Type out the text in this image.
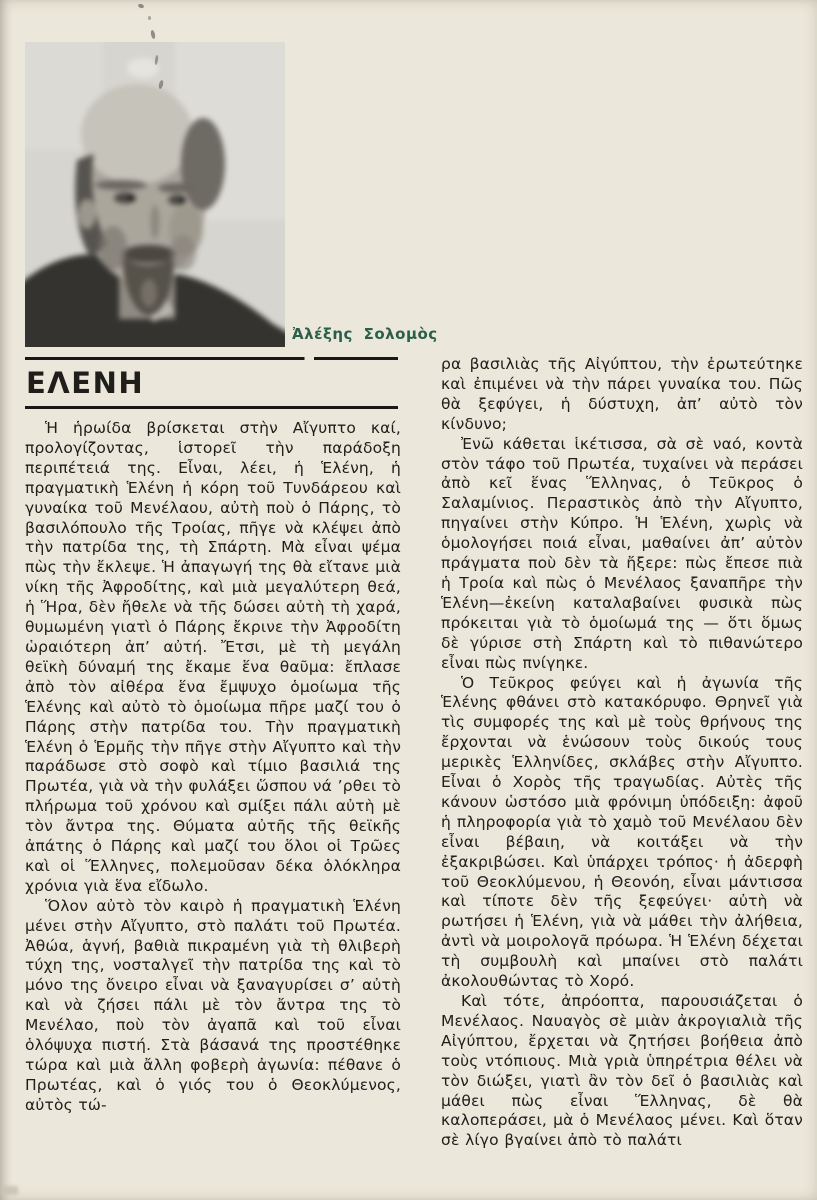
Ἀλέξης Σολομὸς
ΕΛΕΝΗ

Ἡ ἡρωίδα βρίσκεται στὴν Αἴγυπτο καί, προλογίζοντας, ἱστορεῖ τὴν παράδοξη περιπέτειά της. Εἶναι, λέει, ἡ Ἑλένη, ἡ πραγματικὴ Ἑλένη ἡ κόρη τοῦ Τυνδάρεου καὶ γυναίκα τοῦ Μενέλαου, αὐτὴ ποὺ ὁ Πάρης, τὸ βασιλόπουλο τῆς Τροίας, πῆγε νὰ κλέψει ἀπὸ τὴν πατρίδα της, τὴ Σπάρτη. Μὰ εἶναι ψέμα πὼς τὴν ἔκλεψε. Ἡ ἀπαγωγή της θὰ εἴτανε μιὰ νίκη τῆς Ἀφροδίτης, καὶ μιὰ μεγαλύτερη θεά, ἡ Ἥρα, δὲν ἤθελε νὰ τῆς δώσει αὐτὴ τὴ χαρά, θυμωμένη γιατὶ ὁ Πάρης ἔκρινε τὴν Ἀφροδίτη ὡραιότερη ἀπ’ αὐτή. Ἔτσι, μὲ τὴ μεγάλη θεϊκὴ δύναμή της ἔκαμε ἕνα θαῦμα: ἔπλασε ἀπὸ τὸν αἰθέρα ἕνα ἔμψυχο ὁμοίωμα τῆς Ἑλένης καὶ αὐτὸ τὸ ὁμοίωμα πῆρε μαζί του ὁ Πάρης στὴν πατρίδα του. Τὴν πραγματικὴ Ἑλένη ὁ Ἑρμῆς τὴν πῆγε στὴν Αἴγυπτο καὶ τὴν παράδωσε στὸ σοφὸ καὶ τίμιο βασιλιά της Πρωτέα, γιὰ νὰ τὴν φυλάξει ὥσπου νά ’ρθει τὸ πλήρωμα τοῦ χρόνου καὶ σμίξει πάλι αὐτὴ μὲ τὸν ἄντρα της. Θύματα αὐτῆς τῆς θεϊκῆς ἀπάτης ὁ Πάρης καὶ μαζί του ὅλοι οἱ Τρῶες καὶ οἱ Ἕλληνες, πολεμοῦσαν δέκα ὁλόκληρα χρόνια γιὰ ἕνα εἴδωλο.

Ὅλον αὐτὸ τὸν καιρὸ ἡ πραγματικὴ Ἑλένη μένει στὴν Αἴγυπτο, στὸ παλάτι τοῦ Πρωτέα. Ἀθώα, ἁγνή, βαθιὰ πικραμένη γιὰ τὴ θλιβερὴ τύχη της, νοσταλγεῖ τὴν πατρίδα της καὶ τὸ μόνο της ὄνειρο εἶναι νὰ ξαναγυρίσει σ’ αὐτὴ καὶ νὰ ζήσει πάλι μὲ τὸν ἄντρα της τὸ Μενέλαο, ποὺ τὸν ἀγαπᾶ καὶ τοῦ εἶναι ὁλόψυχα πιστή. Στὰ βάσανά της προστέθηκε τώρα καὶ μιὰ ἄλλη φοβερὴ ἀγωνία: πέθανε ὁ Πρωτέας, καὶ ὁ γιός του ὁ Θεοκλύμενος, αὐτὸς τώ-

ρα βασιλιὰς τῆς Αἰγύπτου, τὴν ἐρωτεύτηκε καὶ ἐπιμένει νὰ τὴν πάρει γυναίκα του. Πῶς θὰ ξεφύγει, ἡ δύστυχη, ἀπ’ αὐτὸ τὸν κίνδυνο;

Ἐνῶ κάθεται ἱκέτισσα, σὰ σὲ ναό, κοντὰ στὸν τάφο τοῦ Πρωτέα, τυχαίνει νὰ περάσει ἀπὸ κεῖ ἕνας Ἕλληνας, ὁ Τεῦκρος ὁ Σαλαμίνιος. Περαστικὸς ἀπὸ τὴν Αἴγυπτο, πηγαίνει στὴν Κύπρο. Ἡ Ἑλένη, χωρὶς νὰ ὁμολογήσει ποιά εἶναι, μαθαίνει ἀπ’ αὐτὸν πράγματα ποὺ δὲν τὰ ἤξερε: πὼς ἔπεσε πιὰ ἡ Τροία καὶ πὼς ὁ Μενέλαος ξαναπῆρε τὴν Ἑλένη—ἐκείνη καταλαβαίνει φυσικὰ πὼς πρόκειται γιὰ τὸ ὁμοίωμά της — ὅτι ὅμως δὲ γύρισε στὴ Σπάρτη καὶ τὸ πιθανώτερο εἶναι πὼς πνίγηκε.

Ὁ Τεῦκρος φεύγει καὶ ἡ ἀγωνία τῆς Ἑλένης φθάνει στὸ κατακόρυφο. Θρηνεῖ γιὰ τὶς συμφορές της καὶ μὲ τοὺς θρήνους της ἔρχονται νὰ ἑνώσουν τοὺς δικούς τους μερικὲς Ἑλληνίδες, σκλάβες στὴν Αἴγυπτο. Εἶναι ὁ Χορὸς τῆς τραγωδίας. Αὐτὲς τῆς κάνουν ὡστόσο μιὰ φρόνιμη ὑπόδειξη: ἀφοῦ ἡ πληροφορία γιὰ τὸ χαμὸ τοῦ Μενέλαου δὲν εἶναι βέβαιη, νὰ κοιτάξει νὰ τὴν ἐξακριβώσει. Καὶ ὑπάρχει τρόπος· ἡ ἀδερφὴ τοῦ Θεοκλύμενου, ἡ Θεονόη, εἶναι μάντισσα καὶ τίποτε δὲν τῆς ξεφεύγει· αὐτὴ νὰ ρωτήσει ἡ Ἑλένη, γιὰ νὰ μάθει τὴν ἀλήθεια, ἀντὶ νὰ μοιρολογᾶ πρόωρα. Ἡ Ἑλένη δέχεται τὴ συμβουλὴ καὶ μπαίνει στὸ παλάτι ἀκολουθώντας τὸ Χορό.

Καὶ τότε, ἀπρόοπτα, παρουσιάζεται ὁ Μενέλαος. Ναυαγὸς σὲ μιὰν ἀκρογιαλιὰ τῆς Αἰγύπτου, ἔρχεται νὰ ζητήσει βοήθεια ἀπὸ τοὺς ντόπιους. Μιὰ γριὰ ὑπηρέτρια θέλει νὰ τὸν διώξει, γιατὶ ἂν τὸν δεῖ ὁ βασιλιὰς καὶ μάθει πὼς εἶναι Ἕλληνας, δὲ θὰ καλοπεράσει, μὰ ὁ Μενέλαος μένει. Καὶ ὅταν σὲ λίγο βγαίνει ἀπὸ τὸ παλάτι
